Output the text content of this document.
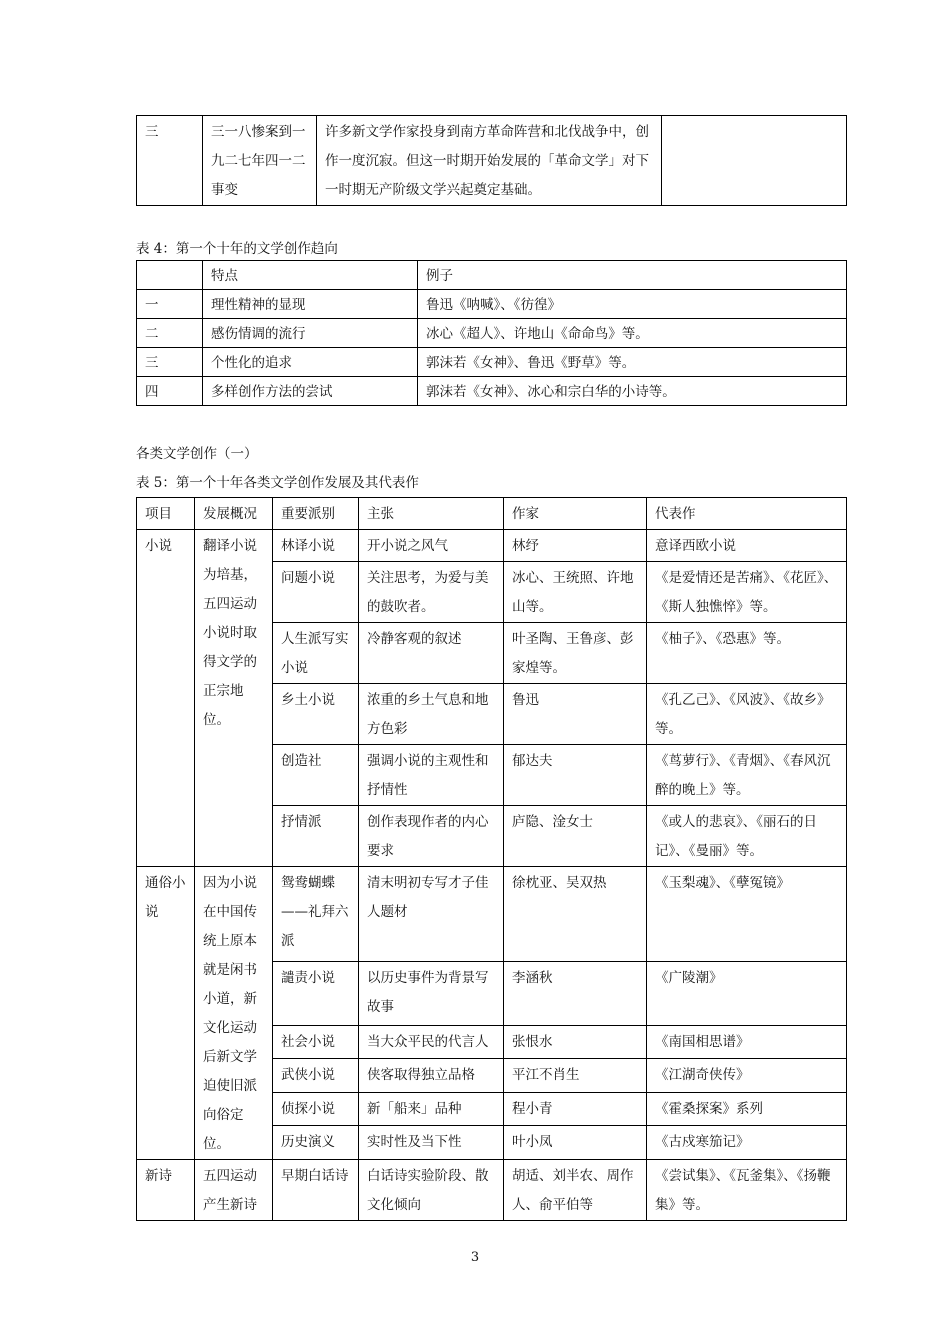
三	三一八惨案到一九二七年四一二事变	许多新文学作家投身到南方革命阵营和北伐战争中，创作一度沉寂。但这一时期开始发展的「革命文学」对下一时期无产阶级文学兴起奠定基础。	
表 4：第一个十年的文学创作趋向
	特点	例子
一	理性精神的显现	鲁迅《呐喊》、《彷徨》
二	感伤情调的流行	冰心《超人》、许地山《命命鸟》等。
三	个性化的追求	郭沫若《女神》、鲁迅《野草》等。
四	多样创作方法的尝试	郭沫若《女神》、冰心和宗白华的小诗等。
各类文学创作（一）
表 5：第一个十年各类文学创作发展及其代表作
项目	发展概况	重要派别	主张	作家	代表作
小说	翻译小说为培基，五四运动小说时取得文学的正宗地位。	林译小说	开小说之风气	林纾	意译西欧小说
		问题小说	关注思考，为爱与美的鼓吹者。	冰心、王统照、许地山等。	《是爱情还是苦痛》、《花匠》、《斯人独憔悴》等。
		人生派写实小说	冷静客观的叙述	叶圣陶、王鲁彦、彭家煌等。	《柚子》、《恐惠》等。
		乡土小说	浓重的乡土气息和地方色彩	鲁迅	《孔乙己》、《风波》、《故乡》等。
		创造社	强调小说的主观性和抒情性	郁达夫	《茑萝行》、《青烟》、《春风沉醉的晚上》等。
		抒情派	创作表现作者的内心要求	庐隐、淦女士	《或人的悲哀》、《丽石的日记》、《曼丽》等。
通俗小说	因为小说在中国传统上原本就是闲书小道，新文化运动后新文学迫使旧派向俗定位。	鸳鸯蝴蝶——礼拜六派	清末明初专写才子佳人题材	徐枕亚、吴双热	《玉梨魂》、《孽冤镜》
		譴责小说	以历史事件为背景写故事	李涵秋	《广陵潮》
		社会小说	当大众平民的代言人	张恨水	《南国相思谱》
		武侠小说	侠客取得独立品格	平江不肖生	《江湖奇侠传》
		侦探小说	新「船来」品种	程小青	《霍桑探案》系列
		历史演义	实时性及当下性	叶小凤	《古戍寒笳记》
新诗	五四运动产生新诗	早期白话诗	白话诗实验阶段、散文化倾向	胡适、刘半农、周作人、俞平伯等	《尝试集》、《瓦釜集》、《扬鞭集》等。
3
